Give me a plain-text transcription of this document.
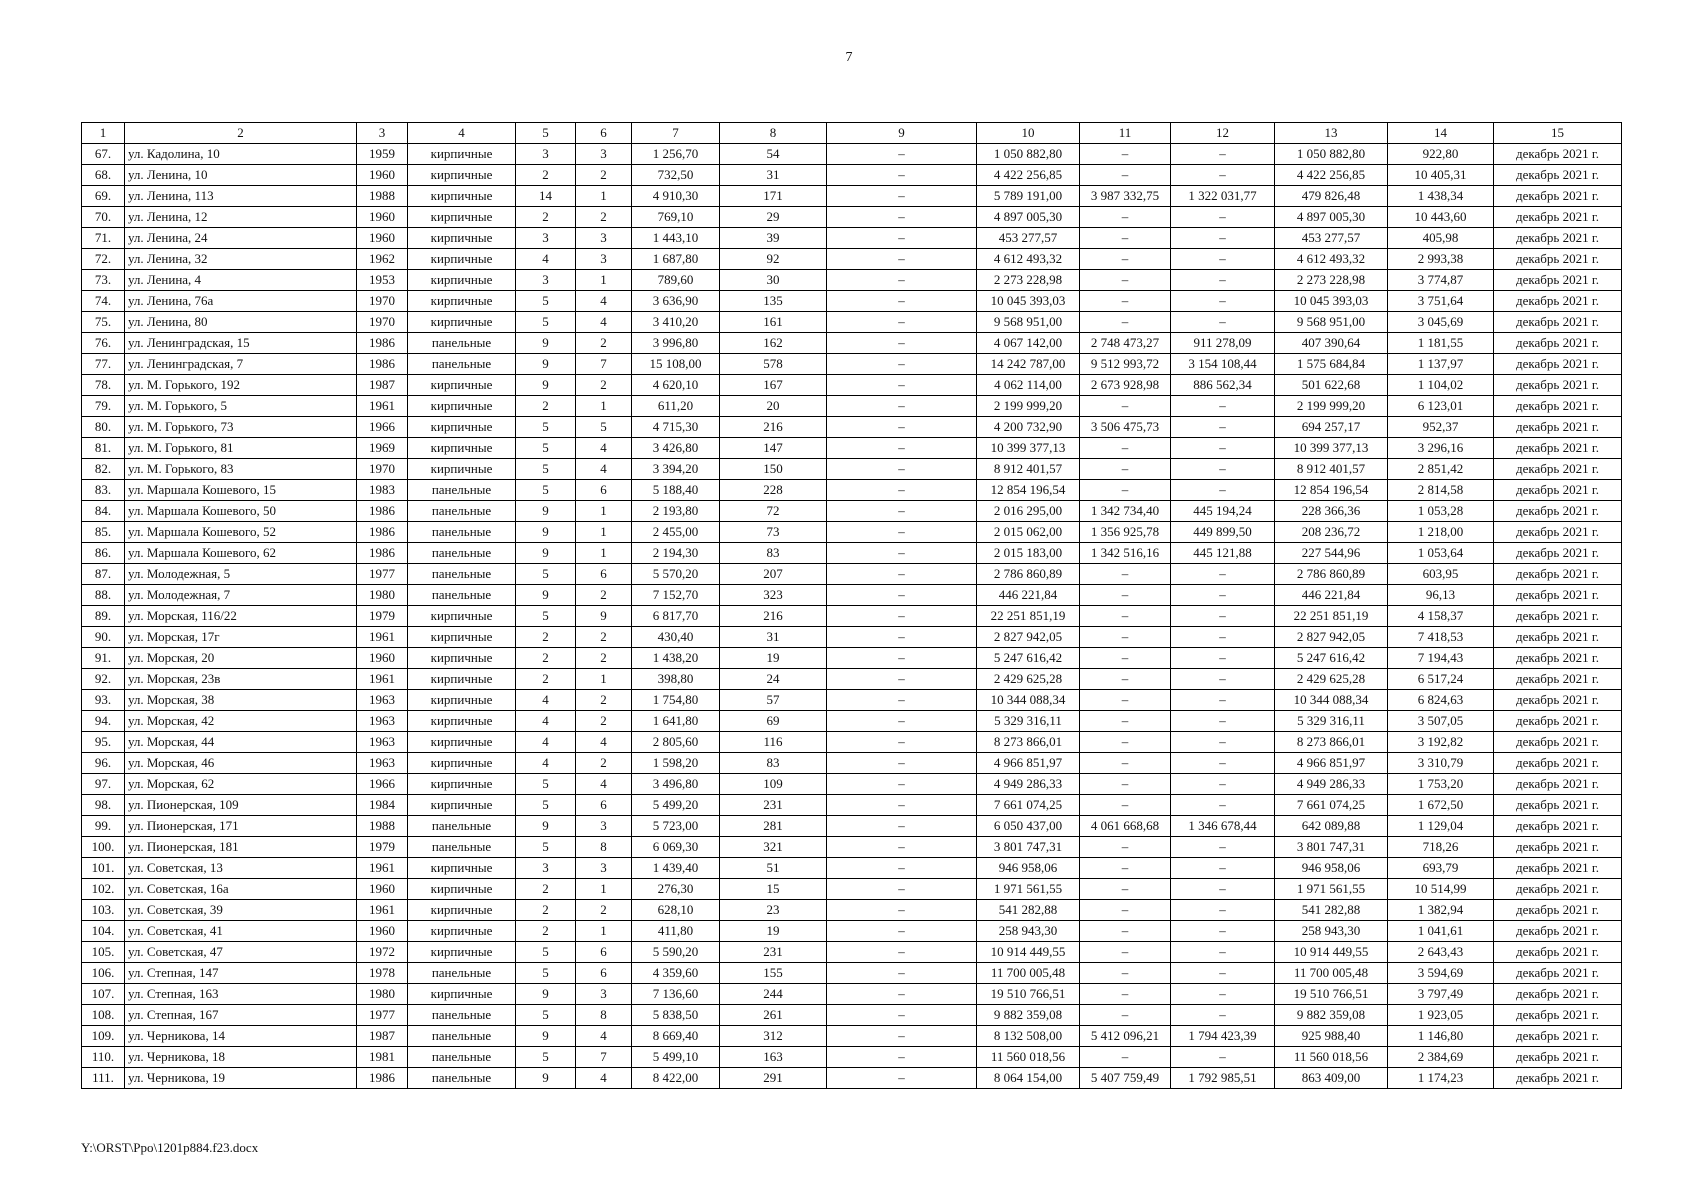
7
1	2	3	4	5	6	7	8	9	10	11	12	13	14	15
67.	ул. Кадолина, 10	1959	кирпичные	3	3	1 256,70	54	–	1 050 882,80	–	–	1 050 882,80	922,80	декабрь 2021 г.
68.	ул. Ленина, 10	1960	кирпичные	2	2	732,50	31	–	4 422 256,85	–	–	4 422 256,85	10 405,31	декабрь 2021 г.
69.	ул. Ленина, 113	1988	кирпичные	14	1	4 910,30	171	–	5 789 191,00	3 987 332,75	1 322 031,77	479 826,48	1 438,34	декабрь 2021 г.
70.	ул. Ленина, 12	1960	кирпичные	2	2	769,10	29	–	4 897 005,30	–	–	4 897 005,30	10 443,60	декабрь 2021 г.
71.	ул. Ленина, 24	1960	кирпичные	3	3	1 443,10	39	–	453 277,57	–	–	453 277,57	405,98	декабрь 2021 г.
72.	ул. Ленина, 32	1962	кирпичные	4	3	1 687,80	92	–	4 612 493,32	–	–	4 612 493,32	2 993,38	декабрь 2021 г.
73.	ул. Ленина, 4	1953	кирпичные	3	1	789,60	30	–	2 273 228,98	–	–	2 273 228,98	3 774,87	декабрь 2021 г.
74.	ул. Ленина, 76а	1970	кирпичные	5	4	3 636,90	135	–	10 045 393,03	–	–	10 045 393,03	3 751,64	декабрь 2021 г.
75.	ул. Ленина, 80	1970	кирпичные	5	4	3 410,20	161	–	9 568 951,00	–	–	9 568 951,00	3 045,69	декабрь 2021 г.
76.	ул. Ленинградская, 15	1986	панельные	9	2	3 996,80	162	–	4 067 142,00	2 748 473,27	911 278,09	407 390,64	1 181,55	декабрь 2021 г.
77.	ул. Ленинградская, 7	1986	панельные	9	7	15 108,00	578	–	14 242 787,00	9 512 993,72	3 154 108,44	1 575 684,84	1 137,97	декабрь 2021 г.
78.	ул. М. Горького, 192	1987	кирпичные	9	2	4 620,10	167	–	4 062 114,00	2 673 928,98	886 562,34	501 622,68	1 104,02	декабрь 2021 г.
79.	ул. М. Горького, 5	1961	кирпичные	2	1	611,20	20	–	2 199 999,20	–	–	2 199 999,20	6 123,01	декабрь 2021 г.
80.	ул. М. Горького, 73	1966	кирпичные	5	5	4 715,30	216	–	4 200 732,90	3 506 475,73	–	694 257,17	952,37	декабрь 2021 г.
81.	ул. М. Горького, 81	1969	кирпичные	5	4	3 426,80	147	–	10 399 377,13	–	–	10 399 377,13	3 296,16	декабрь 2021 г.
82.	ул. М. Горького, 83	1970	кирпичные	5	4	3 394,20	150	–	8 912 401,57	–	–	8 912 401,57	2 851,42	декабрь 2021 г.
83.	ул. Маршала Кошевого, 15	1983	панельные	5	6	5 188,40	228	–	12 854 196,54	–	–	12 854 196,54	2 814,58	декабрь 2021 г.
84.	ул. Маршала Кошевого, 50	1986	панельные	9	1	2 193,80	72	–	2 016 295,00	1 342 734,40	445 194,24	228 366,36	1 053,28	декабрь 2021 г.
85.	ул. Маршала Кошевого, 52	1986	панельные	9	1	2 455,00	73	–	2 015 062,00	1 356 925,78	449 899,50	208 236,72	1 218,00	декабрь 2021 г.
86.	ул. Маршала Кошевого, 62	1986	панельные	9	1	2 194,30	83	–	2 015 183,00	1 342 516,16	445 121,88	227 544,96	1 053,64	декабрь 2021 г.
87.	ул. Молодежная, 5	1977	панельные	5	6	5 570,20	207	–	2 786 860,89	–	–	2 786 860,89	603,95	декабрь 2021 г.
88.	ул. Молодежная, 7	1980	панельные	9	2	7 152,70	323	–	446 221,84	–	–	446 221,84	96,13	декабрь 2021 г.
89.	ул. Морская, 116/22	1979	кирпичные	5	9	6 817,70	216	–	22 251 851,19	–	–	22 251 851,19	4 158,37	декабрь 2021 г.
90.	ул. Морская, 17г	1961	кирпичные	2	2	430,40	31	–	2 827 942,05	–	–	2 827 942,05	7 418,53	декабрь 2021 г.
91.	ул. Морская, 20	1960	кирпичные	2	2	1 438,20	19	–	5 247 616,42	–	–	5 247 616,42	7 194,43	декабрь 2021 г.
92.	ул. Морская, 23в	1961	кирпичные	2	1	398,80	24	–	2 429 625,28	–	–	2 429 625,28	6 517,24	декабрь 2021 г.
93.	ул. Морская, 38	1963	кирпичные	4	2	1 754,80	57	–	10 344 088,34	–	–	10 344 088,34	6 824,63	декабрь 2021 г.
94.	ул. Морская, 42	1963	кирпичные	4	2	1 641,80	69	–	5 329 316,11	–	–	5 329 316,11	3 507,05	декабрь 2021 г.
95.	ул. Морская, 44	1963	кирпичные	4	4	2 805,60	116	–	8 273 866,01	–	–	8 273 866,01	3 192,82	декабрь 2021 г.
96.	ул. Морская, 46	1963	кирпичные	4	2	1 598,20	83	–	4 966 851,97	–	–	4 966 851,97	3 310,79	декабрь 2021 г.
97.	ул. Морская, 62	1966	кирпичные	5	4	3 496,80	109	–	4 949 286,33	–	–	4 949 286,33	1 753,20	декабрь 2021 г.
98.	ул. Пионерская, 109	1984	кирпичные	5	6	5 499,20	231	–	7 661 074,25	–	–	7 661 074,25	1 672,50	декабрь 2021 г.
99.	ул. Пионерская, 171	1988	панельные	9	3	5 723,00	281	–	6 050 437,00	4 061 668,68	1 346 678,44	642 089,88	1 129,04	декабрь 2021 г.
100.	ул. Пионерская, 181	1979	панельные	5	8	6 069,30	321	–	3 801 747,31	–	–	3 801 747,31	718,26	декабрь 2021 г.
101.	ул. Советская, 13	1961	кирпичные	3	3	1 439,40	51	–	946 958,06	–	–	946 958,06	693,79	декабрь 2021 г.
102.	ул. Советская, 16а	1960	кирпичные	2	1	276,30	15	–	1 971 561,55	–	–	1 971 561,55	10 514,99	декабрь 2021 г.
103.	ул. Советская, 39	1961	кирпичные	2	2	628,10	23	–	541 282,88	–	–	541 282,88	1 382,94	декабрь 2021 г.
104.	ул. Советская, 41	1960	кирпичные	2	1	411,80	19	–	258 943,30	–	–	258 943,30	1 041,61	декабрь 2021 г.
105.	ул. Советская, 47	1972	кирпичные	5	6	5 590,20	231	–	10 914 449,55	–	–	10 914 449,55	2 643,43	декабрь 2021 г.
106.	ул. Степная, 147	1978	панельные	5	6	4 359,60	155	–	11 700 005,48	–	–	11 700 005,48	3 594,69	декабрь 2021 г.
107.	ул. Степная, 163	1980	кирпичные	9	3	7 136,60	244	–	19 510 766,51	–	–	19 510 766,51	3 797,49	декабрь 2021 г.
108.	ул. Степная, 167	1977	панельные	5	8	5 838,50	261	–	9 882 359,08	–	–	9 882 359,08	1 923,05	декабрь 2021 г.
109.	ул. Черникова, 14	1987	панельные	9	4	8 669,40	312	–	8 132 508,00	5 412 096,21	1 794 423,39	925 988,40	1 146,80	декабрь 2021 г.
110.	ул. Черникова, 18	1981	панельные	5	7	5 499,10	163	–	11 560 018,56	–	–	11 560 018,56	2 384,69	декабрь 2021 г.
111.	ул. Черникова, 19	1986	панельные	9	4	8 422,00	291	–	8 064 154,00	5 407 759,49	1 792 985,51	863 409,00	1 174,23	декабрь 2021 г.
Y:\ORST\Ppo\1201p884.f23.docx
